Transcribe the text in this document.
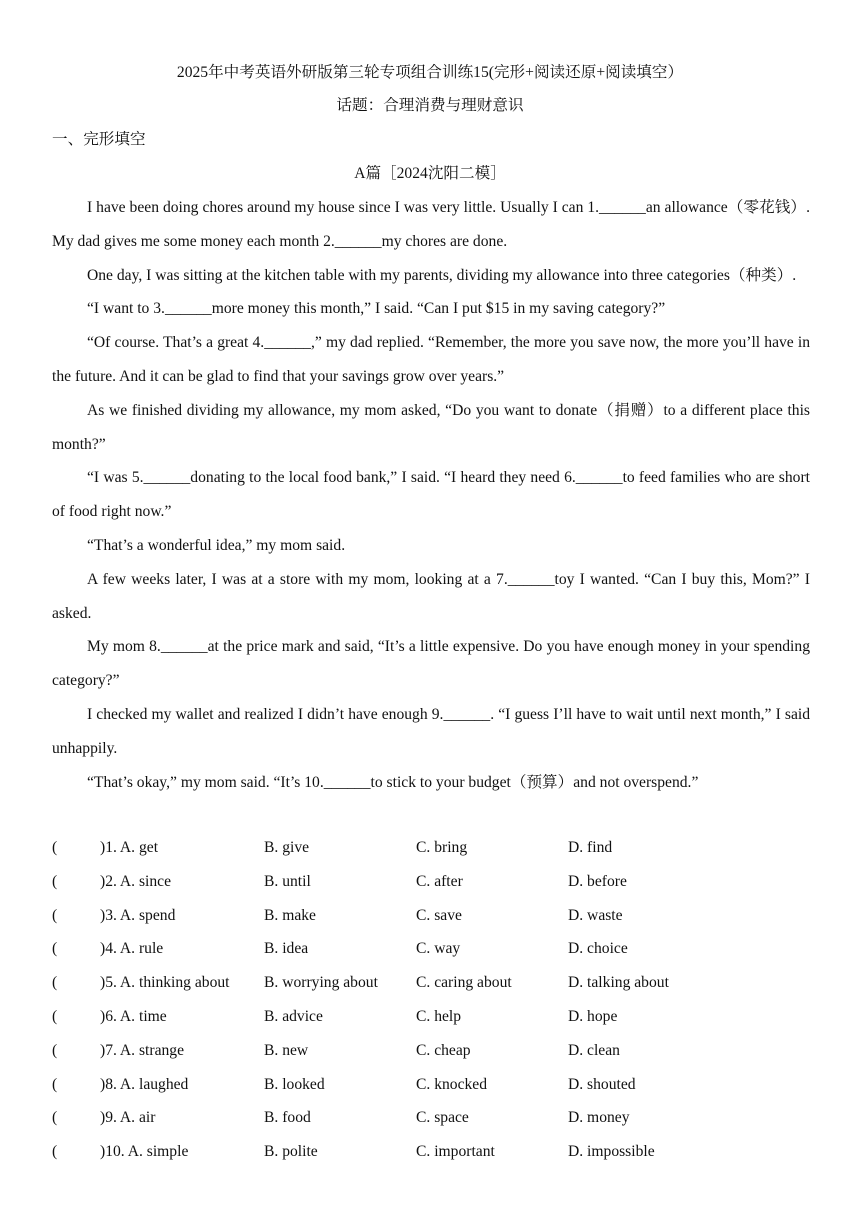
2025年中考英语外研版第三轮专项组合训练15(完形+阅读还原+阅读填空）
话题：合理消费与理财意识
一、完形填空
A篇［2024沈阳二模］

I have been doing chores around my house since I was very little. Usually I can 1.______an allowance（零花钱）. My dad gives me some money each month 2.______my chores are done.

One day, I was sitting at the kitchen table with my parents, dividing my allowance into three categories（种类）.

“I want to 3.______more money this month,” I said. “Can I put $15 in my saving category?”

“Of course. That’s a great 4.______,” my dad replied. “Remember, the more you save now, the more you’ll have in the future. And it can be glad to find that your savings grow over years.”

As we finished dividing my allowance, my mom asked, “Do you want to donate（捐赠）to a different place this month?”

“I was 5.______donating to the local food bank,” I said. “I heard they need 6.______to feed families who are short of food right now.”

“That’s a wonderful idea,” my mom said.

A few weeks later, I was at a store with my mom, looking at a 7.______toy I wanted. “Can I buy this, Mom?” I asked.

My mom 8.______at the price mark and said, “It’s a little expensive. Do you have enough money in your spending category?”

I checked my wallet and realized I didn’t have enough 9.______. “I guess I’ll have to wait until next month,” I said unhappily.

“That’s okay,” my mom said. “It’s 10.______to stick to your budget（预算）and not overspend.”

(	)1. A. get	B. give	C. bring	D. find
(	)2. A. since	B. until	C. after	D. before
(	)3. A. spend	B. make	C. save	D. waste
(	)4. A. rule	B. idea	C. way	D. choice
(	)5. A. thinking about B. worrying about	C. caring about	D. talking about
(	)6. A. time	B. advice	C. help	D. hope
(	)7. A. strange	B. new	C. cheap	D. clean
(	)8. A. laughed	B. looked	C. knocked	D. shouted
(	)9. A. air	B. food	C. space	D. money
(	)10. A. simple	B. polite	C. important	D. impossible
